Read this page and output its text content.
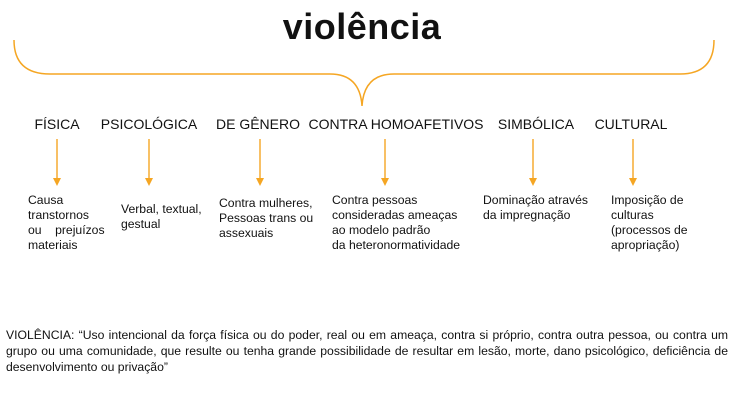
violência
FÍSICA PSICOLÓGICA DE GÊNERO CONTRA HOMOAFETIVOS SIMBÓLICA CULTURAL
Causa
transtornos
ou    prejuízos
materiais
Verbal, textual,
gestual
Contra mulheres,
Pessoas trans ou
assexuais
Contra pessoas
consideradas ameaças
ao modelo padrão
da heteronormatividade
Dominação através
da impregnação
Imposição de
culturas
(processos de
apropriação)
VIOLÊNCIA: “Uso intencional da força física ou do poder, real ou em ameaça, contra si próprio, contra outra pessoa, ou contra um grupo ou uma comunidade, que resulte ou tenha grande possibilidade de resultar em lesão, morte, dano psicológico, deficiência de desenvolvimento ou privação”
